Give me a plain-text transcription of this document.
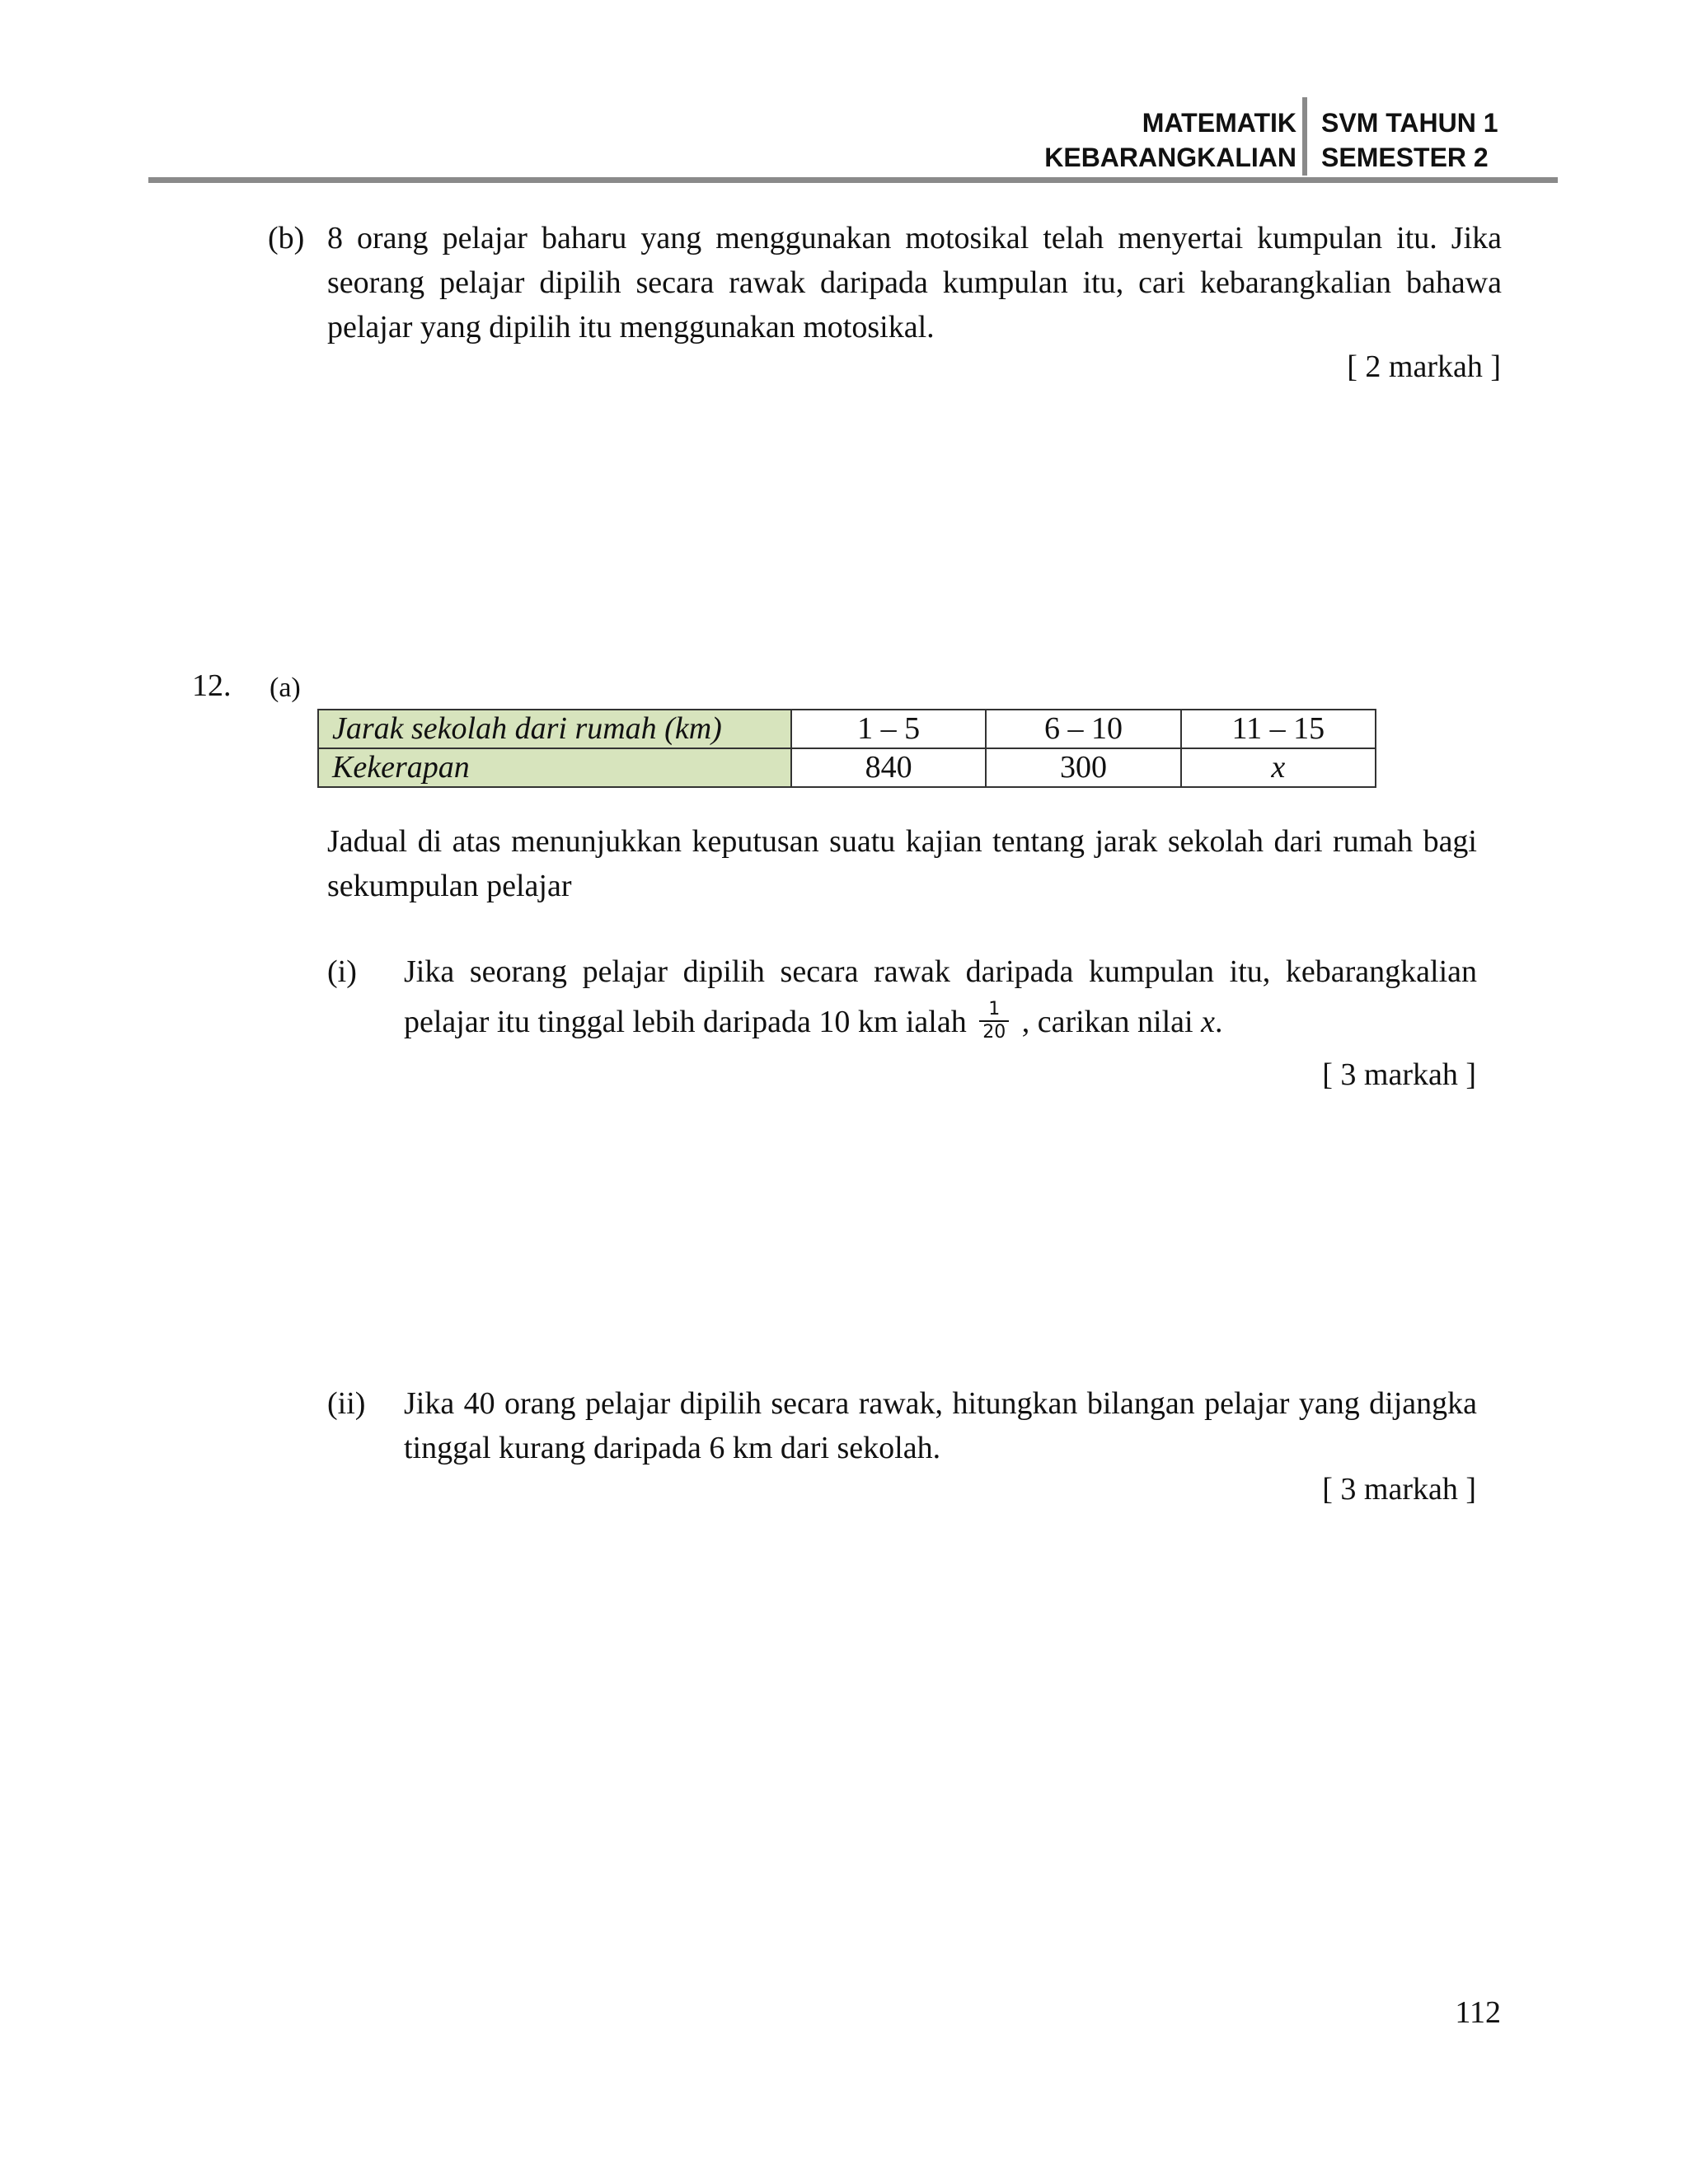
MATEMATIK
KEBARANGKALIAN
SVM TAHUN 1
SEMESTER 2
(b) 8 orang pelajar baharu yang menggunakan motosikal telah menyertai kumpulan itu. Jika seorang pelajar dipilih secara rawak daripada kumpulan itu, cari kebarangkalian bahawa pelajar yang dipilih itu menggunakan motosikal.
[ 2 markah ]
12. (a)
Jarak sekolah dari rumah (km)	1 – 5	6 – 10	11 – 15
Kekerapan	840	300	x
Jadual di atas menunjukkan keputusan suatu kajian tentang jarak sekolah dari rumah bagi sekumpulan pelajar
(i) Jika seorang pelajar dipilih secara rawak daripada kumpulan itu, kebarangkalian
pelajar itu tinggal lebih daripada 10 km ialah $\frac{1}{20}$ , carikan nilai x.
[ 3 markah ]
(ii) Jika 40 orang pelajar dipilih secara rawak, hitungkan bilangan pelajar yang dijangka tinggal kurang daripada 6 km dari sekolah.
[ 3 markah ]
112
